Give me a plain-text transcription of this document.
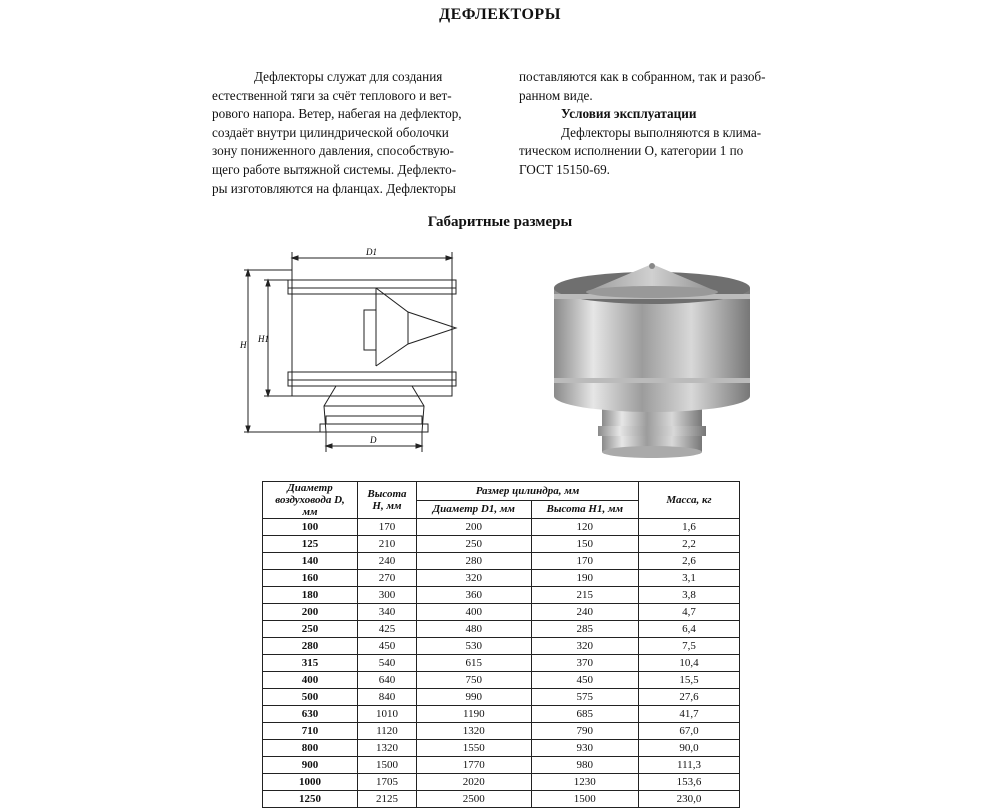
ДЕФЛЕКТОРЫ

Дефлекторы служат для создания
естественной тяги за счёт теплового и вет-
рового напора. Ветер, набегая на дефлектор,
создаёт внутри цилиндрической оболочки
зону пониженного давления, способствую-
щего работе вытяжной системы. Дефлекто-
ры изготовляются на фланцах. Дефлекторы

поставляются как в собранном, так и разоб-
ранном виде.
Условия эксплуатации
Дефлекторы выполняются в клима-
тическом исполнении О, категории 1 по
ГОСТ 15150-69.
Габаритные размеры
D1
D
H
H1
Диаметр воздуховода D, мм	Высота H, мм	Размер цилиндра, мм		Масса, кг
		Диаметр D1, мм	Высота H1, мм	
100	170	200	120	1,6
125	210	250	150	2,2
140	240	280	170	2,6
160	270	320	190	3,1
180	300	360	215	3,8
200	340	400	240	4,7
250	425	480	285	6,4
280	450	530	320	7,5
315	540	615	370	10,4
400	640	750	450	15,5
500	840	990	575	27,6
630	1010	1190	685	41,7
710	1120	1320	790	67,0
800	1320	1550	930	90,0
900	1500	1770	980	111,3
1000	1705	2020	1230	153,6
1250	2125	2500	1500	230,0
